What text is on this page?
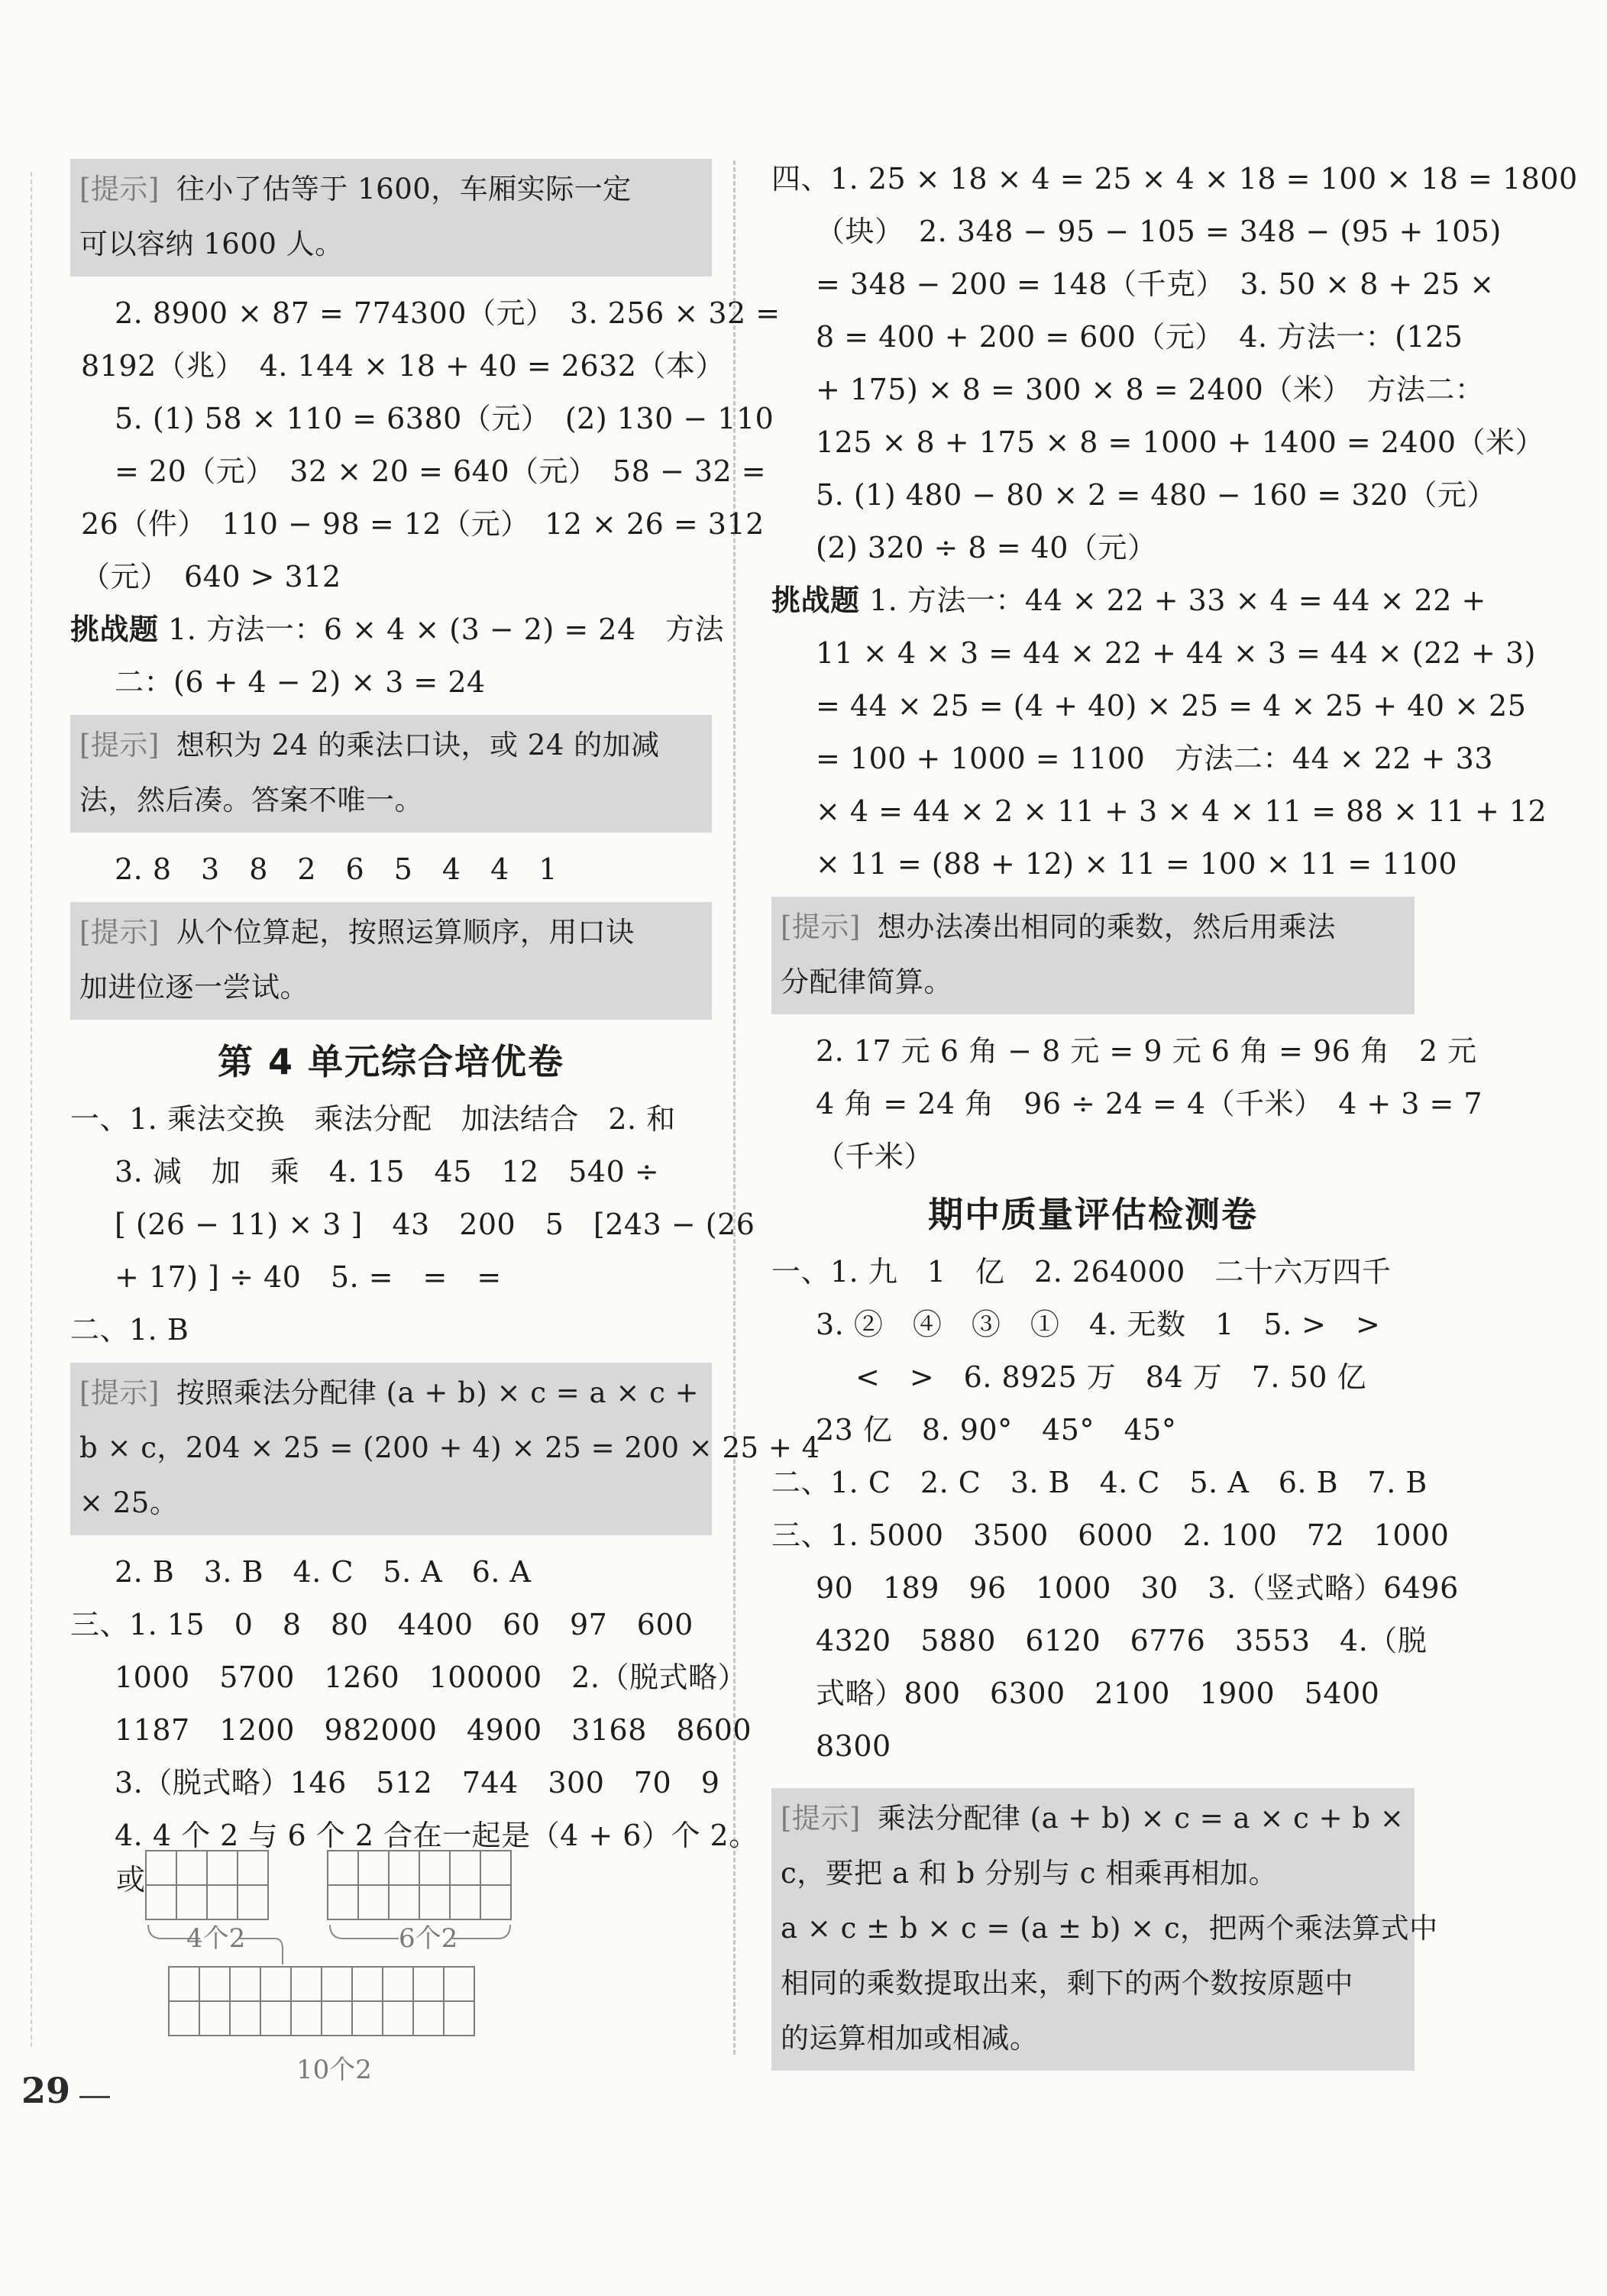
[提示] 往小了估等于 1600，车厢实际一定
可以容纳 1600 人。
2. 8900 × 87 = 774300（元）　3. 256 × 32 =
8192（兆）　4. 144 × 18 + 40 = 2632（本）
5. (1) 58 × 110 = 6380（元）　(2) 130 − 110
= 20（元）　32 × 20 = 640（元）　58 − 32 =
26（件）　110 − 98 = 12（元）　12 × 26 = 312
（元）　640 > 312
挑战题 1. 方法一：6 × 4 × (3 − 2) = 24　方法
二：(6 + 4 − 2) × 3 = 24
[提示] 想积为 24 的乘法口诀，或 24 的加减
法，然后凑。答案不唯一。
2. 8　3　8　2　6　5　4　4　1
[提示] 从个位算起，按照运算顺序，用口诀
加进位逐一尝试。
第 4 单元综合培优卷
一、1. 乘法交换　乘法分配　加法结合　2. 和
3. 减　加　乘　4. 15　45　12　540 ÷
[ (26 − 11) × 3 ]　43　200　5　[243 − (26
+ 17) ] ÷ 40　5. =　=　=
二、1. B
[提示] 按照乘法分配律 (a + b) × c = a × c +
b × c，204 × 25 = (200 + 4) × 25 = 200 × 25 + 4
× 25。
2. B　3. B　4. C　5. A　6. A
三、1. 15　0　8　80　4400　60　97　600
1000　5700　1260　100000　2.（脱式略）
1187　1200　982000　4900　3168　8600
3.（脱式略）146　512　744　300　70　9
4. 4 个 2 与 6 个 2 合在一起是（4 + 6）个 2。
或

4个2	6个2

10个2
四、1. 25 × 18 × 4 = 25 × 4 × 18 = 100 × 18 = 1800
（块）　2. 348 − 95 − 105 = 348 − (95 + 105)
= 348 − 200 = 148（千克）　3. 50 × 8 + 25 ×
8 = 400 + 200 = 600（元）　4. 方法一：(125
+ 175) × 8 = 300 × 8 = 2400（米）　方法二：
125 × 8 + 175 × 8 = 1000 + 1400 = 2400（米）
5. (1) 480 − 80 × 2 = 480 − 160 = 320（元）
(2) 320 ÷ 8 = 40（元）
挑战题 1. 方法一：44 × 22 + 33 × 4 = 44 × 22 +
11 × 4 × 3 = 44 × 22 + 44 × 3 = 44 × (22 + 3)
= 44 × 25 = (4 + 40) × 25 = 4 × 25 + 40 × 25
= 100 + 1000 = 1100　方法二：44 × 22 + 33
× 4 = 44 × 2 × 11 + 3 × 4 × 11 = 88 × 11 + 12
× 11 = (88 + 12) × 11 = 100 × 11 = 1100
[提示] 想办法凑出相同的乘数，然后用乘法
分配律简算。
2. 17 元 6 角 − 8 元 = 9 元 6 角 = 96 角　2 元
4 角 = 24 角　96 ÷ 24 = 4（千米）　4 + 3 = 7
（千米）
期中质量评估检测卷
一、1. 九　1　亿　2. 264000　二十六万四千
3. ②　④　③　①　4. 无数　1　5. >　>
<　>　6. 8925 万　84 万　7. 50 亿
23 亿　8. 90°　45°　45°
二、1. C　2. C　3. B　4. C　5. A　6. B　7. B
三、1. 5000　3500　6000　2. 100　72　1000
90　189　96　1000　30　3.（竖式略）6496
4320　5880　6120　6776　3553　4.（脱
式略）800　6300　2100　1900　5400
8300
[提示] 乘法分配律 (a + b) × c = a × c + b ×
c，要把 a 和 b 分别与 c 相乘再相加。
a × c ± b × c = (a ± b) × c，把两个乘法算式中
相同的乘数提取出来，剩下的两个数按原题中
的运算相加或相减。
29
